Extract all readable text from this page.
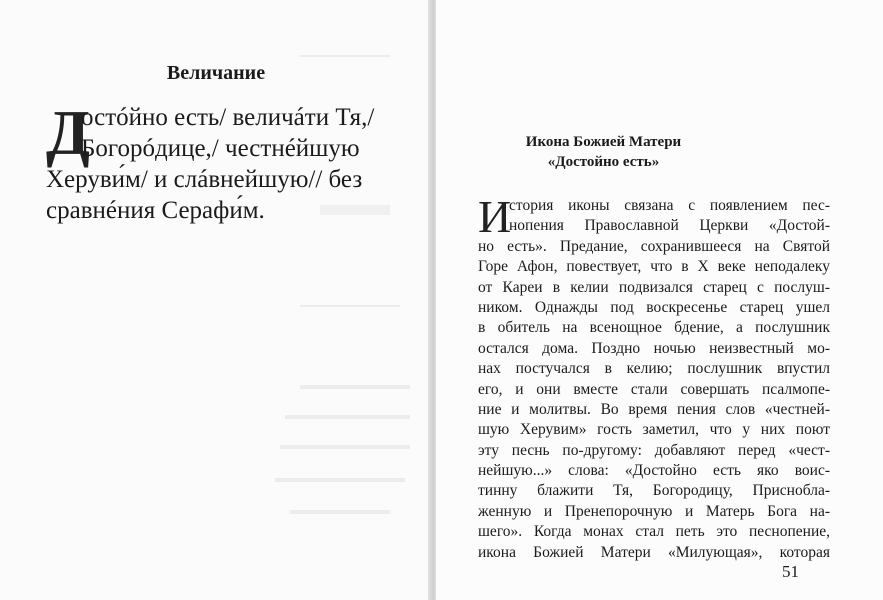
Величание
Д
остóйно есть/ величáти Тя,/
Богорóдице,/ честнéйшую
Херуви́м/ и слáвнейшую// без
сравнéния Серафи́м.
Икона Божией Матери
«Достойно есть»
И
стория иконы связана с появлением пес-
нопения Православной Церкви «Достой-
но есть». Предание, сохранившееся на Святой
Горе Афон, повествует, что в X веке неподалеку
от Кареи в келии подвизался старец с послуш-
ником. Однажды под воскресенье старец ушел
в обитель на всенощное бдение, а послушник
остался дома. Поздно ночью неизвестный мо-
нах постучался в келию; послушник впустил
его, и они вместе стали совершать псалмопе-
ние и молитвы. Во время пения слов «честней-
шую Херувим» гость заметил, что у них поют
эту песнь по-другому: добавляют перед «чест-
нейшую...» слова: «Достойно есть яко воис-
тинну блажити Тя, Богородицу, Приснобла-
женную и Пренепорочную и Матерь Бога на-
шего». Когда монах стал петь это песнопение,
икона Божией Матери «Милующая», которая
51
